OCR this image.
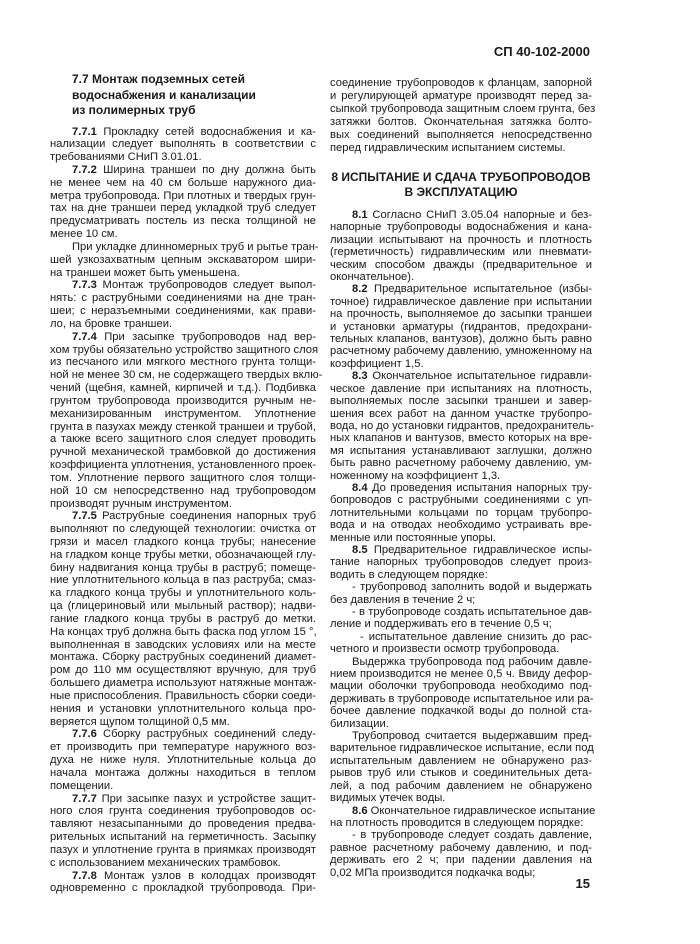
СП 40-102-2000
7.7 Монтаж подземных сетей
водоснабжения и канализации
из полимерных труб
7.7.1 Прокладку сетей водоснабжения и ка-
нализации следует выполнять в соответствии с
требованиями СНиП 3.01.01.
7.7.2 Ширина траншеи по дну должна быть
не менее чем на 40 см больше наружного диа-
метра трубопровода. При плотных и твердых грун-
тах на дне траншеи перед укладкой труб следует
предусматривать постель из песка толщиной не
менее 10 см.
При укладке длинномерных труб и рытье тран-
шей узкозахватным цепным экскаватором шири-
на траншеи может быть уменьшена.
7.7.3 Монтаж трубопроводов следует выпол-
нять: с раструбными соединениями на дне тран-
шеи; с неразъемными соединениями, как прави-
ло, на бровке траншеи.
7.7.4 При засыпке трубопроводов над вер-
хом трубы обязательно устройство защитного слоя
из песчаного или мягкого местного грунта толщи-
ной не менее 30 см, не содержащего твердых вклю-
чений (щебня, камней, кирпичей и т.д.). Подбивка
грунтом трубопровода производится ручным не-
механизированным инструментом. Уплотнение
грунта в пазухах между стенкой траншеи и трубой,
а также всего защитного слоя следует проводить
ручной механической трамбовкой до достижения
коэффициента уплотнения, установленного проек-
том. Уплотнение первого защитного слоя толщи-
ной 10 см непосредственно над трубопроводом
производят ручным инструментом.
7.7.5 Раструбные соединения напорных труб
выполняют по следующей технологии: очистка от
грязи и масел гладкого конца трубы; нанесение
на гладком конце трубы метки, обозначающей глу-
бину надвигания конца трубы в раструб; помеще-
ние уплотнительного кольца в паз раструба; смаз-
ка гладкого конца трубы и уплотнительного коль-
ца (глицериновый или мыльный раствор); надви-
гание гладкого конца трубы в раструб до метки.
На концах труб должна быть фаска под углом 15 °,
выполненная в заводских условиях или на месте
монтажа. Сборку раструбных соединений диамет-
ром до 110 мм осуществляют вручную, для труб
большего диаметра используют натяжные монтаж-
ные приспособления. Правильность сборки соеди-
нения и установки уплотнительного кольца про-
веряется щупом толщиной 0,5 мм.
7.7.6 Сборку раструбных соединений следу-
ет производить при температуре наружного воз-
духа не ниже нуля. Уплотнительные кольца до
начала монтажа должны находиться в теплом
помещении.
7.7.7 При засыпке пазух и устройстве защит-
ного слоя грунта соединения трубопроводов ос-
тавляют незасыпанными до проведения предва-
рительных испытаний на герметичность. Засыпку
пазух и уплотнение грунта в приямках производят
с использованием механических трамбовок.
7.7.8 Монтаж узлов в колодцах производят
одновременно с прокладкой трубопровода. При-
соединение трубопроводов к фланцам, запорной
и регулирующей арматуре производят перед за-
сыпкой трубопровода защитным слоем грунта, без
затяжки болтов. Окончательная затяжка болто-
вых соединений выполняется непосредственно
перед гидравлическим испытанием системы.
8 ИСПЫТАНИЕ И СДАЧА ТРУБОПРОВОДОВ
В ЭКСПЛУАТАЦИЮ
8.1 Согласно СНиП 3.05.04 напорные и без-
напорные трубопроводы водоснабжения и канa-
лизации испытывают на прочность и плотность
(герметичность) гидравлическим или пневмати-
ческим способом дважды (предварительное и
окончательное).
8.2 Предварительное испытательное (избы-
точное) гидравлическое давление при испытании
на прочность, выполняемое до засыпки траншеи
и установки арматуры (гидрантов, предохрани-
тельных клапанов, вантузов), должно быть равно
расчетному рабочему давлению, умноженному на
коэффициент 1,5.
8.3 Окончательное испытательное гидравли-
ческое давление при испытаниях на плотность,
выполняемых после засыпки траншеи и завер-
шения всех работ на данном участке трубопро-
вода, но до установки гидрантов, предохранитель-
ных клапанов и вантузов, вместо которых на вре-
мя испытания устанавливают заглушки, должно
быть равно расчетному рабочему давлению, ум-
ноженному на коэффициент 1,3.
8.4 До проведения испытания напорных тру-
бопроводов с раструбными соединениями с уп-
лотнительными кольцами по торцам трубопро-
вода и на отводах необходимо устраивать вре-
менные или постоянные упоры.
8.5 Предварительное гидравлическое испы-
тание напорных трубопроводов следует произ-
водить в следующем порядке:
- трубопровод заполнить водой и выдержать
без давления в течение 2 ч;
- в трубопроводе создать испытательное дав-
ление и поддерживать его в течение 0,5 ч;
- испытательное давление снизить до рас-
четного и произвести осмотр трубопровода.
Выдержка трубопровода под рабочим давле-
нием производится не менее 0,5 ч. Ввиду дефор-
мации оболочки трубопровода необходимо под-
держивать в трубопроводе испытательное или ра-
бочее давление подкачкой воды до полной ста-
билизации.
Трубопровод считается выдержавшим пред-
варительное гидравлическое испытание, если под
испытательным давлением не обнаружено раз-
рывов труб или стыков и соединительных дета-
лей, а под рабочим давлением не обнаружено
видимых утечек воды.
8.6 Окончательное гидравлическое испытание
на плотность проводится в следующем порядке:
- в трубопроводе следует создать давление,
равное расчетному рабочему давлению, и под-
держивать его 2 ч; при падении давления на
0,02 МПа производится подкачка воды;
15
